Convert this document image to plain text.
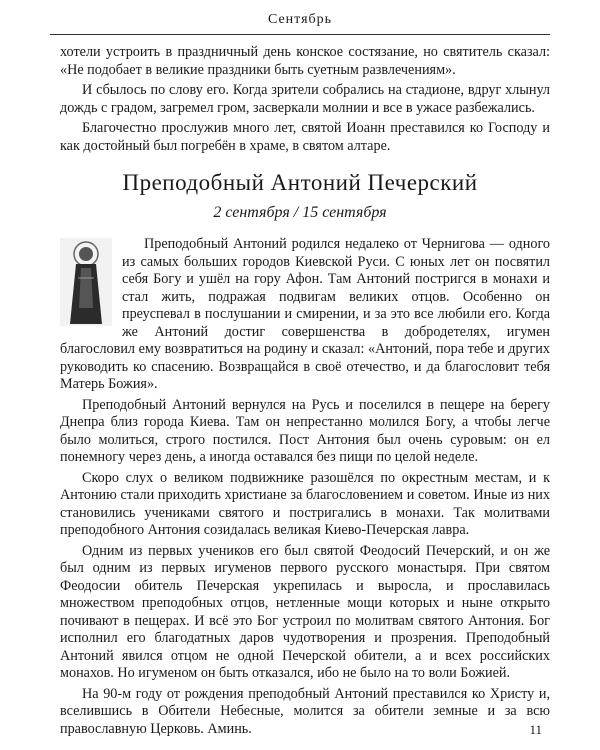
Сентябрь

хотели устроить в праздничный день конское состязание, но святитель сказал: «Не подобает в великие праздники быть суетным развлечениям».

И сбылось по слову его. Когда зрители собрались на стадионе, вдруг хлынул дождь с градом, загремел гром, засверкали молнии и все в ужасе разбежались.

Благочестно прослужив много лет, святой Иоанн преставился ко Господу и как достойный был погребён в храме, в святом алтаре.

Преподобный Антоний Печерский
2 сентября / 15 сентября

Преподобный Антоний родился недалеко от Чернигова — одного из самых больших городов Киевской Руси. С юных лет он посвятил себя Богу и ушёл на гору Афон. Там Антоний постригся в монахи и стал жить, подражая подвигам великих отцов. Особенно он преуспевал в послушании и смирении, и за это все любили его. Когда же Антоний достиг совершенства в добродетелях, игумен благословил ему возвратиться на родину и сказал: «Антоний, пора тебе и других руководить ко спасению. Возвращайся в своё отечество, и да благословит тебя Матерь Божия».

Преподобный Антоний вернулся на Русь и поселился в пещере на берегу Днепра близ города Киева. Там он непрестанно молился Богу, а чтобы легче было молиться, строго постился. Пост Антония был очень суровым: он ел понемногу через день, а иногда оставался без пищи по целой неделе.

Скоро слух о великом подвижнике разошёлся по окрестным местам, и к Антонию стали приходить христиане за благословением и советом. Иные из них становились учениками святого и постригались в монахи. Так молитвами преподобного Антония созидалась великая Киево-Печерская лавра.

Одним из первых учеников его был святой Феодосий Печерский, и он же был одним из первых игуменов первого русского монастыря. При святом Феодосии обитель Печерская укрепилась и выросла, и прославилась множеством преподобных отцов, нетленные мощи которых и ныне открыто почивают в пещерах. И всё это Бог устроил по молитвам святого Антония. Бог исполнил его благодатных даров чудотворения и прозрения. Преподобный Антоний явился отцом не одной Печерской обители, а и всех российских монахов. Но игуменом он быть отказался, ибо не было на то воли Божией.

На 90-м году от рождения преподобный Антоний преставился ко Христу и, вселившись в Обители Небесные, молится за обители земные и за всю православную Церковь. Аминь.	11
